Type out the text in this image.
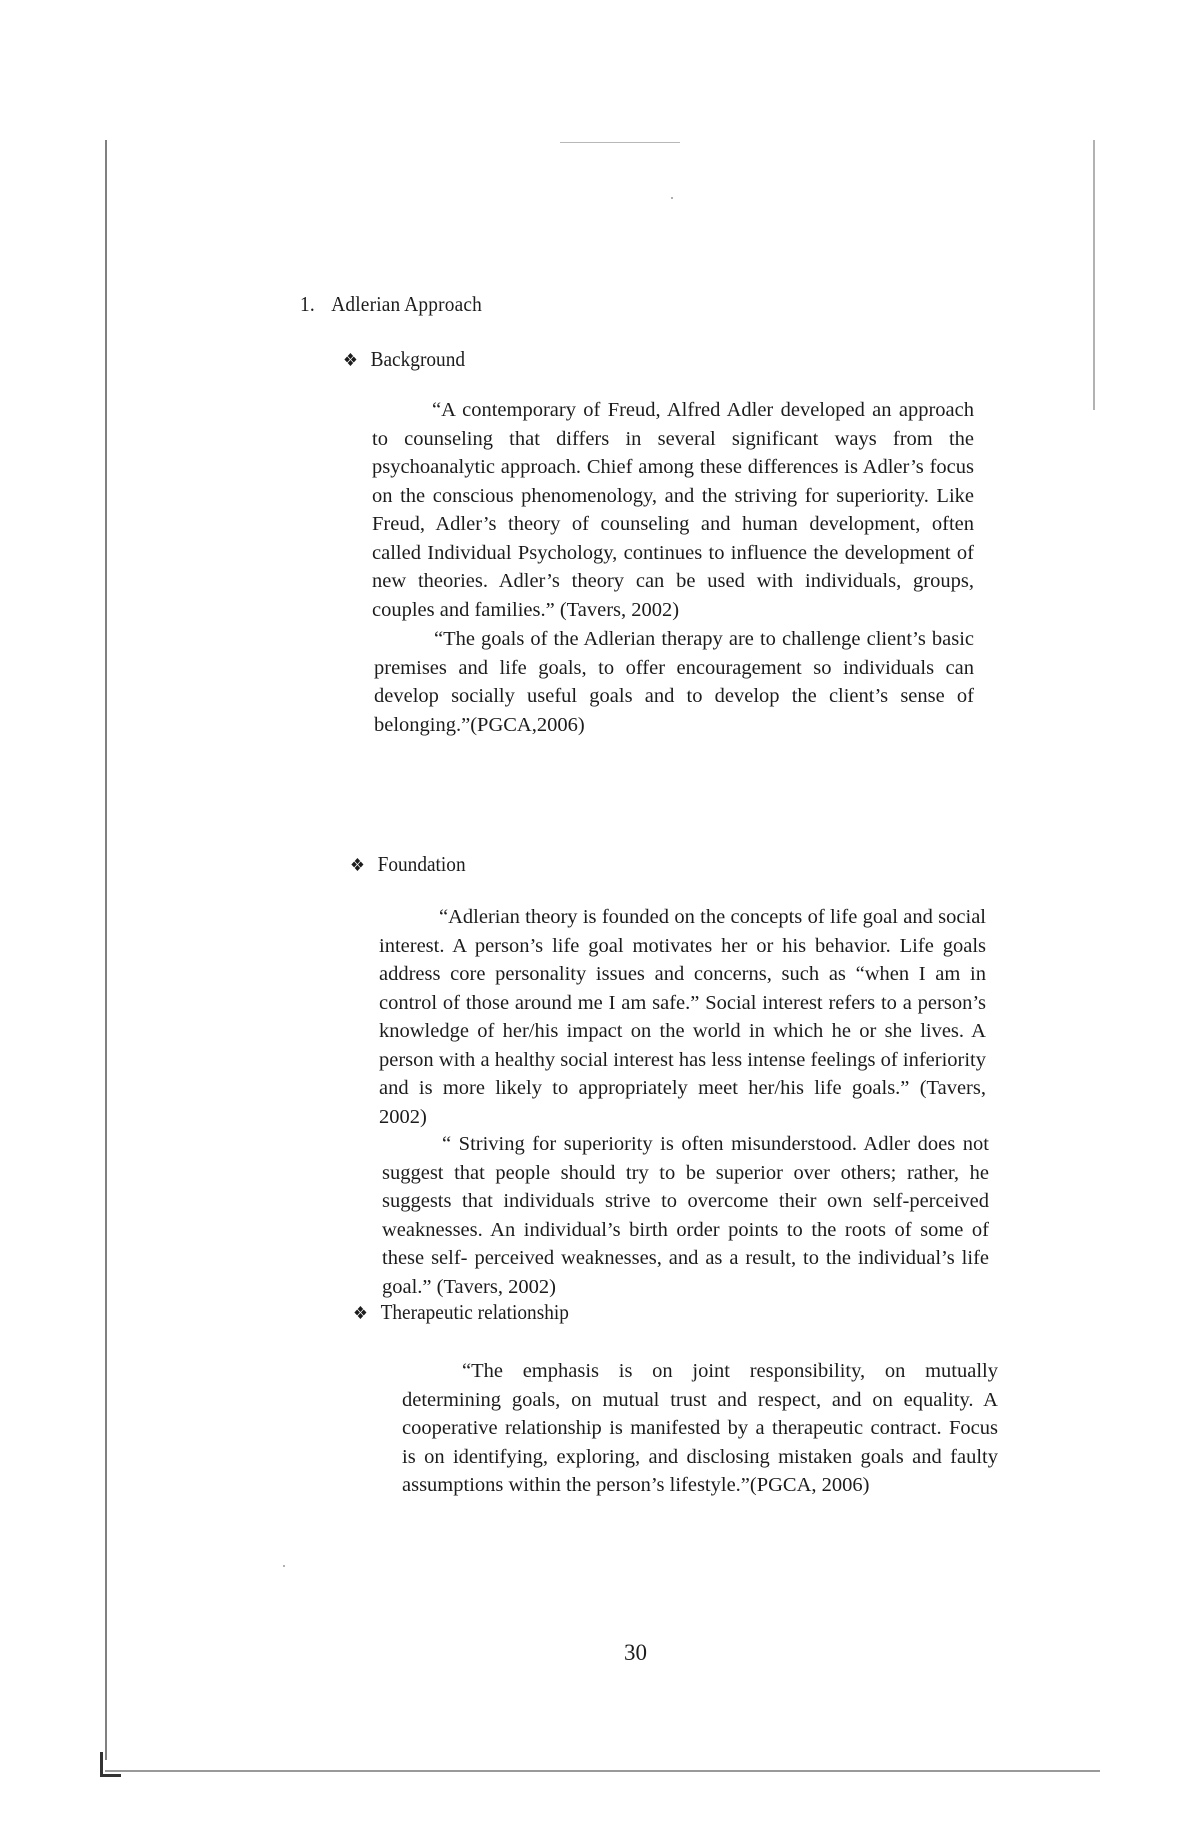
1. Adlerian Approach
❖ Background

“A contemporary of Freud, Alfred Adler developed an approach to counseling that differs in several significant ways from the psychoanalytic approach. Chief among these differences is Adler’s focus on the conscious phenomenology, and the striving for superiority. Like Freud, Adler’s theory of counseling and human development, often called Individual Psychology, continues to influence the development of new theories. Adler’s theory can be used with individuals, groups, couples and families.” (Tavers, 2002)

“The goals of the Adlerian therapy are to challenge client’s basic premises and life goals, to offer encouragement so individuals can develop socially useful goals and to develop the client’s sense of belonging.”(PGCA,2006)

❖ Foundation

“Adlerian theory is founded on the concepts of life goal and social interest. A person’s life goal motivates her or his behavior. Life goals address core personality issues and concerns, such as “when I am in control of those around me I am safe.” Social interest refers to a person’s knowledge of her/his impact on the world in which he or she lives. A person with a healthy social interest has less intense feelings of inferiority and is more likely to appropriately meet her/his life goals.” (Tavers, 2002)

“ Striving for superiority is often misunderstood. Adler does not suggest that people should try to be superior over others; rather, he suggests that individuals strive to overcome their own self-perceived weaknesses. An individual’s birth order points to the roots of some of these self- perceived weaknesses, and as a result, to the individual’s life goal.” (Tavers, 2002)

❖ Therapeutic relationship

“The emphasis is on joint responsibility, on mutually determining goals, on mutual trust and respect, and on equality. A cooperative relationship is manifested by a therapeutic contract. Focus is on identifying, exploring, and disclosing mistaken goals and faulty assumptions within the person’s lifestyle.”(PGCA, 2006)

30
